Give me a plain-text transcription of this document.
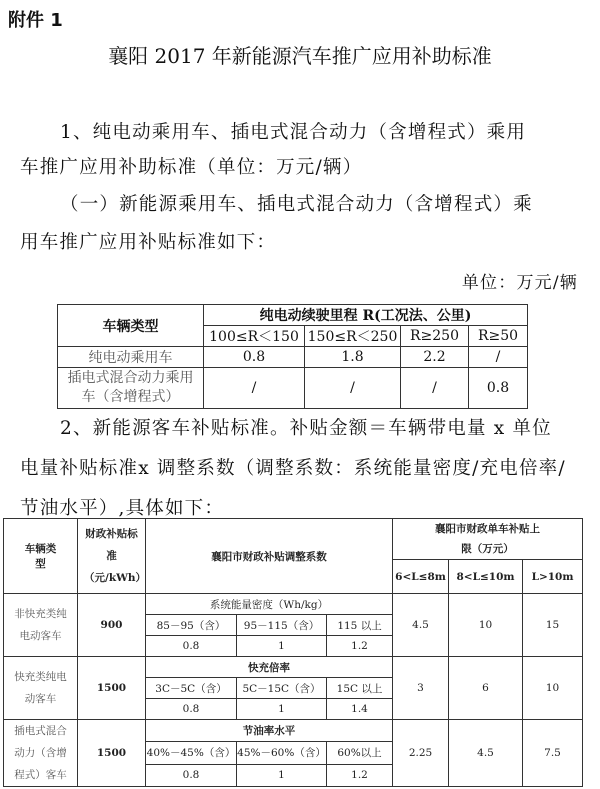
附件 1
襄阳 2017 年新能源汽车推广应用补助标准
1、纯电动乘用车、插电式混合动力（含增程式）乘用
车推广应用补助标准（单位：万元/辆）
（一）新能源乘用车、插电式混合动力（含增程式）乘
用车推广应用补贴标准如下：
单位：万元/辆
车辆类型	纯电动续驶里程 R(工况法、公里)			
	100≤R＜150	150≤R＜250	R≥250	R≥50
纯电动乘用车	0.8	1.8	2.2	/
插电式混合动力乘用车（含增程式）	/	/	/	0.8
2、新能源客车补贴标准。补贴金额＝车辆带电量 x 单位
电量补贴标准x 调整系数（调整系数：系统能量密度/充电倍率/
节油水平）,具体如下：
车辆类型	财政补贴标准（元/kWh）	襄阳市财政补贴调整系数			襄阳市财政单车补贴上限（万元）		
					6<L≤8m	8<L≤10m	L>10m
非快充类纯电动客车	900	系统能量密度（Wh/kg）			4.5	10	15
		85－95（含）	95－115（含）	115 以上			
		0.8	1	1.2			
快充类纯电动客车	1500	快充倍率			3	6	10
		3C－5C（含）	5C－15C（含）	15C 以上			
		0.8	1	1.4			
插电式混合动力（含增程式）客车	1500	节油率水平			2.25	4.5	7.5
		40%－45%（含）	45%－60%（含）	60%以上			
		0.8	1	1.2			
